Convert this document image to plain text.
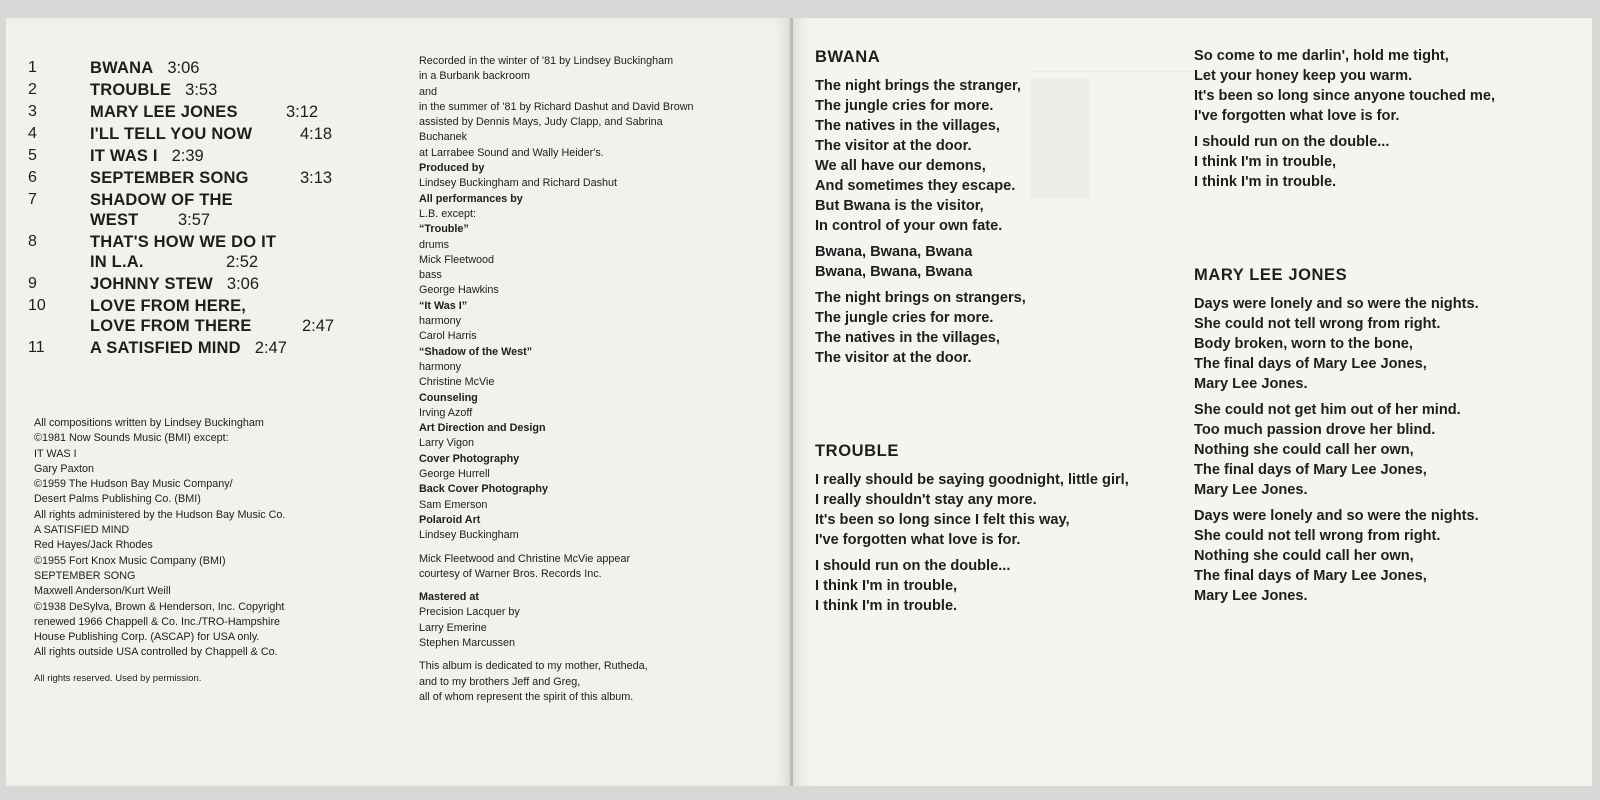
1	BWANA 3:06
2	TROUBLE 3:53
3	MARY LEE JONES	3:12
4	I'LL TELL YOU NOW	4:18
5	IT WAS I 2:39
6	SEPTEMBER SONG	3:13
7	SHADOW OF THE
WEST	3:57
8	THAT'S HOW WE DO IT
IN L.A.	2:52
9	JOHNNY STEW 3:06
10	LOVE FROM HERE,
LOVE FROM THERE	2:47
11	A SATISFIED MIND 2:47
All compositions written by Lindsey Buckingham
©1981 Now Sounds Music (BMI) except:
IT WAS I
Gary Paxton
©1959 The Hudson Bay Music Company/
Desert Palms Publishing Co. (BMI)
All rights administered by the Hudson Bay Music Co.
A SATISFIED MIND
Red Hayes/Jack Rhodes
©1955 Fort Knox Music Company (BMI)
SEPTEMBER SONG
Maxwell Anderson/Kurt Weill
©1938 DeSylva, Brown & Henderson, Inc. Copyright
renewed 1966 Chappell & Co. Inc./TRO-Hampshire
House Publishing Corp. (ASCAP) for USA only.
All rights outside USA controlled by Chappell & Co.
All rights reserved. Used by permission.
Recorded in the winter of '81 by Lindsey Buckingham
in a Burbank backroom
and
in the summer of '81 by Richard Dashut and David Brown
assisted by Dennis Mays, Judy Clapp, and Sabrina
Buchanek
at Larrabee Sound and Wally Heider's.
Produced by
Lindsey Buckingham and Richard Dashut
All performances by
L.B. except:
“Trouble”
drums
Mick Fleetwood
bass
George Hawkins
“It Was I”
harmony
Carol Harris
“Shadow of the West”
harmony
Christine McVie
Counseling
Irving Azoff
Art Direction and Design
Larry Vigon
Cover Photography
George Hurrell
Back Cover Photography
Sam Emerson
Polaroid Art
Lindsey Buckingham
Mick Fleetwood and Christine McVie appear
courtesy of Warner Bros. Records Inc.
Mastered at
Precision Lacquer by
Larry Emerine
Stephen Marcussen
This album is dedicated to my mother, Rutheda,
and to my brothers Jeff and Greg,
all of whom represent the spirit of this album.
BWANA
The night brings the stranger,
The jungle cries for more.
The natives in the villages,
The visitor at the door.
We all have our demons,
And sometimes they escape.
But Bwana is the visitor,
In control of your own fate.
Bwana, Bwana, Bwana
Bwana, Bwana, Bwana
The night brings on strangers,
The jungle cries for more.
The natives in the villages,
The visitor at the door.
TROUBLE
I really should be saying goodnight, little girl,
I really shouldn't stay any more.
It's been so long since I felt this way,
I've forgotten what love is for.
I should run on the double...
I think I'm in trouble,
I think I'm in trouble.
So come to me darlin', hold me tight,
Let your honey keep you warm.
It's been so long since anyone touched me,
I've forgotten what love is for.
I should run on the double...
I think I'm in trouble,
I think I'm in trouble.
MARY LEE JONES
Days were lonely and so were the nights.
She could not tell wrong from right.
Body broken, worn to the bone,
The final days of Mary Lee Jones,
Mary Lee Jones.
She could not get him out of her mind.
Too much passion drove her blind.
Nothing she could call her own,
The final days of Mary Lee Jones,
Mary Lee Jones.
Days were lonely and so were the nights.
She could not tell wrong from right.
Nothing she could call her own,
The final days of Mary Lee Jones,
Mary Lee Jones.
